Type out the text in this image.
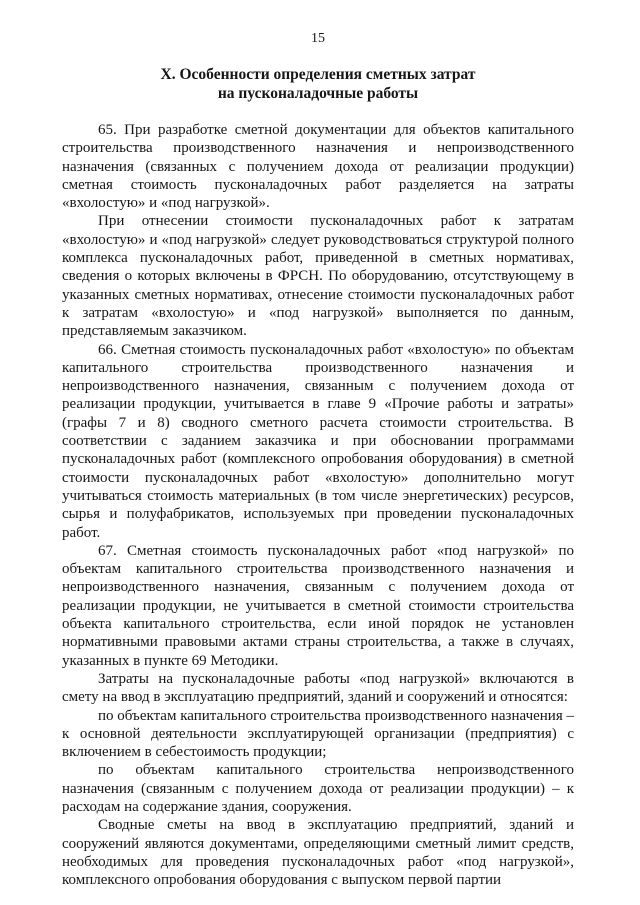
15
X. Особенности определения сметных затрат
на пусконаладочные работы

65. При разработке сметной документации для объектов капитального строительства производственного назначения и непроизводственного назначения (связанных с получением дохода от реализации продукции) сметная стоимость пусконаладочных работ разделяется на затраты «вхолостую» и «под нагрузкой».

При отнесении стоимости пусконаладочных работ к затратам «вхолостую» и «под нагрузкой» следует руководствоваться структурой полного комплекса пусконаладочных работ, приведенной в сметных нормативах, сведения о которых включены в ФРСН. По оборудованию, отсутствующему в указанных сметных нормативах, отнесение стоимости пусконаладочных работ к затратам «вхолостую» и «под нагрузкой» выполняется по данным, представляемым заказчиком.

66. Сметная стоимость пусконаладочных работ «вхолостую» по объектам капитального строительства производственного назначения и непроизводственного назначения, связанным с получением дохода от реализации продукции, учитывается в главе 9 «Прочие работы и затраты» (графы 7 и 8) сводного сметного расчета стоимости строительства. В соответствии с заданием заказчика и при обосновании программами пусконаладочных работ (комплексного опробования оборудования) в сметной стоимости пусконаладочных работ «вхолостую» дополнительно могут учитываться стоимость материальных (в том числе энергетических) ресурсов, сырья и полуфабрикатов, используемых при проведении пусконаладочных работ.

67. Сметная стоимость пусконаладочных работ «под нагрузкой» по объектам капитального строительства производственного назначения и непроизводственного назначения, связанным с получением дохода от реализации продукции, не учитывается в сметной стоимости строительства объекта капитального строительства, если иной порядок не установлен нормативными правовыми актами страны строительства, а также в случаях, указанных в пункте 69 Методики.

Затраты на пусконаладочные работы «под нагрузкой» включаются в смету на ввод в эксплуатацию предприятий, зданий и сооружений и относятся:

по объектам капитального строительства производственного назначения – к основной деятельности эксплуатирующей организации (предприятия) с включением в себестоимость продукции;

по объектам капитального строительства непроизводственного назначения (связанным с получением дохода от реализации продукции) – к расходам на содержание здания, сооружения.

Сводные сметы на ввод в эксплуатацию предприятий, зданий и сооружений являются документами, определяющими сметный лимит средств, необходимых для проведения пусконаладочных работ «под нагрузкой», комплексного опробования оборудования с выпуском первой партии
